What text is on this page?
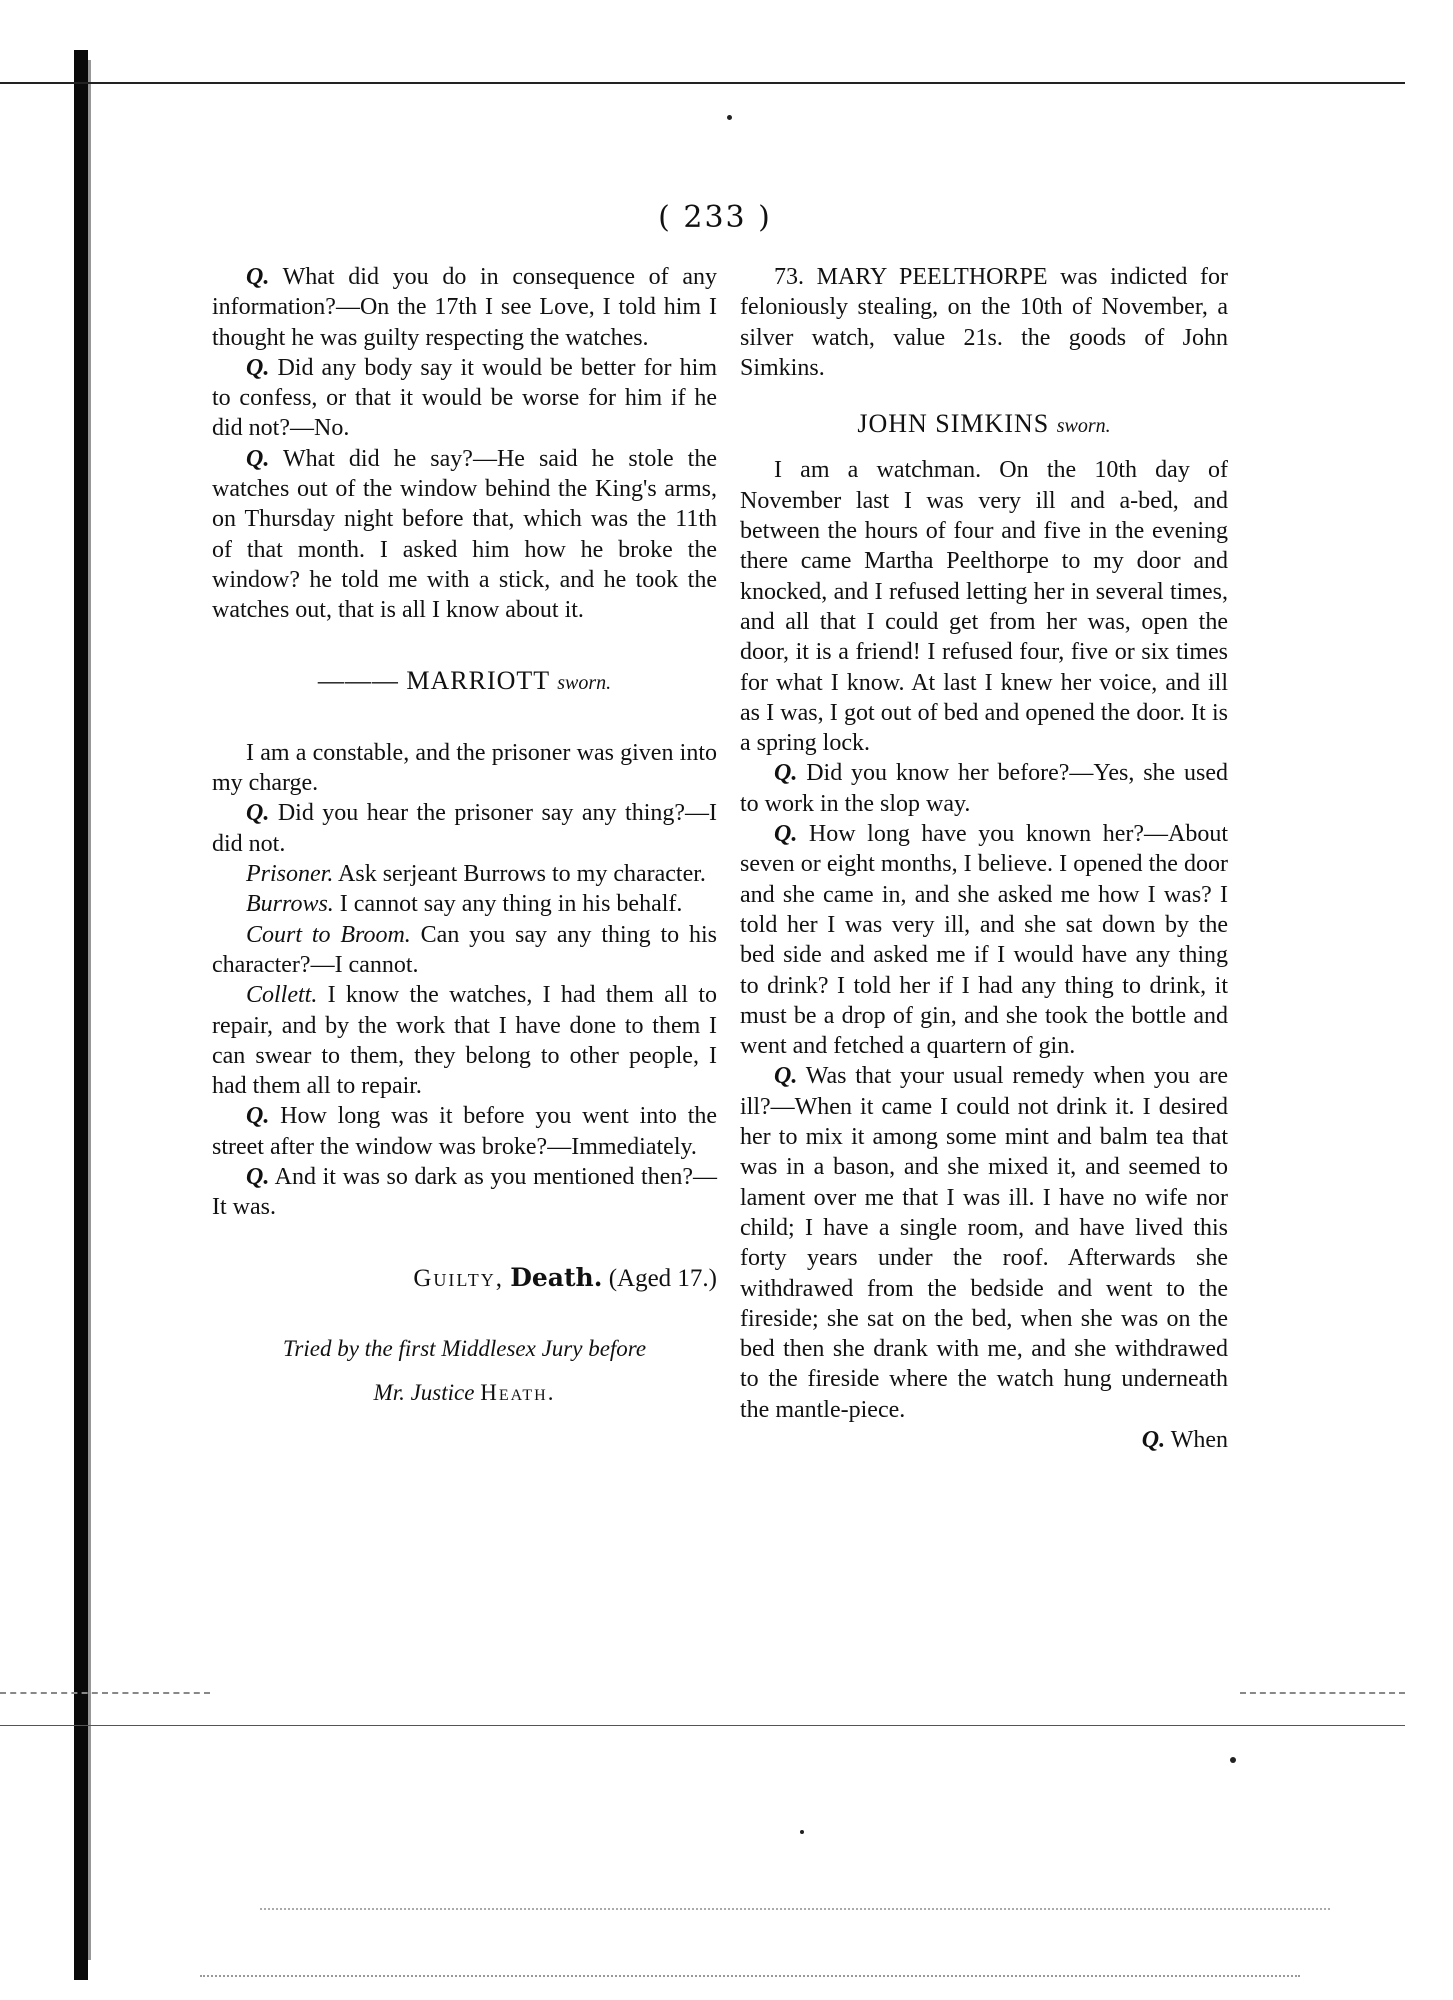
( 233 )

Q. What did you do in consequence of any information?—On the 17th I see Love, I told him I thought he was guilty respecting the watches.

Q. Did any body say it would be better for him to confess, or that it would be worse for him if he did not?—No.

Q. What did he say?—He said he stole the watches out of the window behind the King's arms, on Thursday night before that, which was the 11th of that month. I asked him how he broke the window? he told me with a stick, and he took the watches out, that is all I know about it.

——— MARRIOTT sworn.

I am a constable, and the prisoner was given into my charge.

Q. Did you hear the prisoner say any thing?—I did not.

Prisoner. Ask serjeant Burrows to my character.

Burrows. I cannot say any thing in his behalf.

Court to Broom. Can you say any thing to his character?—I cannot.

Collett. I know the watches, I had them all to repair, and by the work that I have done to them I can swear to them, they belong to other people, I had them all to repair.

Q. How long was it before you went into the street after the window was broke?—Immediately.

Q. And it was so dark as you mentioned then?—It was.

Guilty, Death. (Aged 17.)

Tried by the first Middlesex Jury before

Mr. Justice Heath.

73. MARY PEELTHORPE was indicted for feloniously stealing, on the 10th of November, a silver watch, value 21s. the goods of John Simkins.

JOHN SIMKINS sworn.

I am a watchman. On the 10th day of November last I was very ill and a-bed, and between the hours of four and five in the evening there came Martha Peelthorpe to my door and knocked, and I refused letting her in several times, and all that I could get from her was, open the door, it is a friend! I refused four, five or six times for what I know. At last I knew her voice, and ill as I was, I got out of bed and opened the door. It is a spring lock.

Q. Did you know her before?—Yes, she used to work in the slop way.

Q. How long have you known her?—About seven or eight months, I believe. I opened the door and she came in, and she asked me how I was? I told her I was very ill, and she sat down by the bed side and asked me if I would have any thing to drink? I told her if I had any thing to drink, it must be a drop of gin, and she took the bottle and went and fetched a quartern of gin.

Q. Was that your usual remedy when you are ill?—When it came I could not drink it. I desired her to mix it among some mint and balm tea that was in a bason, and she mixed it, and seemed to lament over me that I was ill. I have no wife nor child; I have a single room, and have lived this forty years under the roof. Afterwards she withdrawed from the bedside and went to the fireside; she sat on the bed, when she was on the bed then she drank with me, and she withdrawed to the fireside where the watch hung underneath the mantle-piece.

Q. When
